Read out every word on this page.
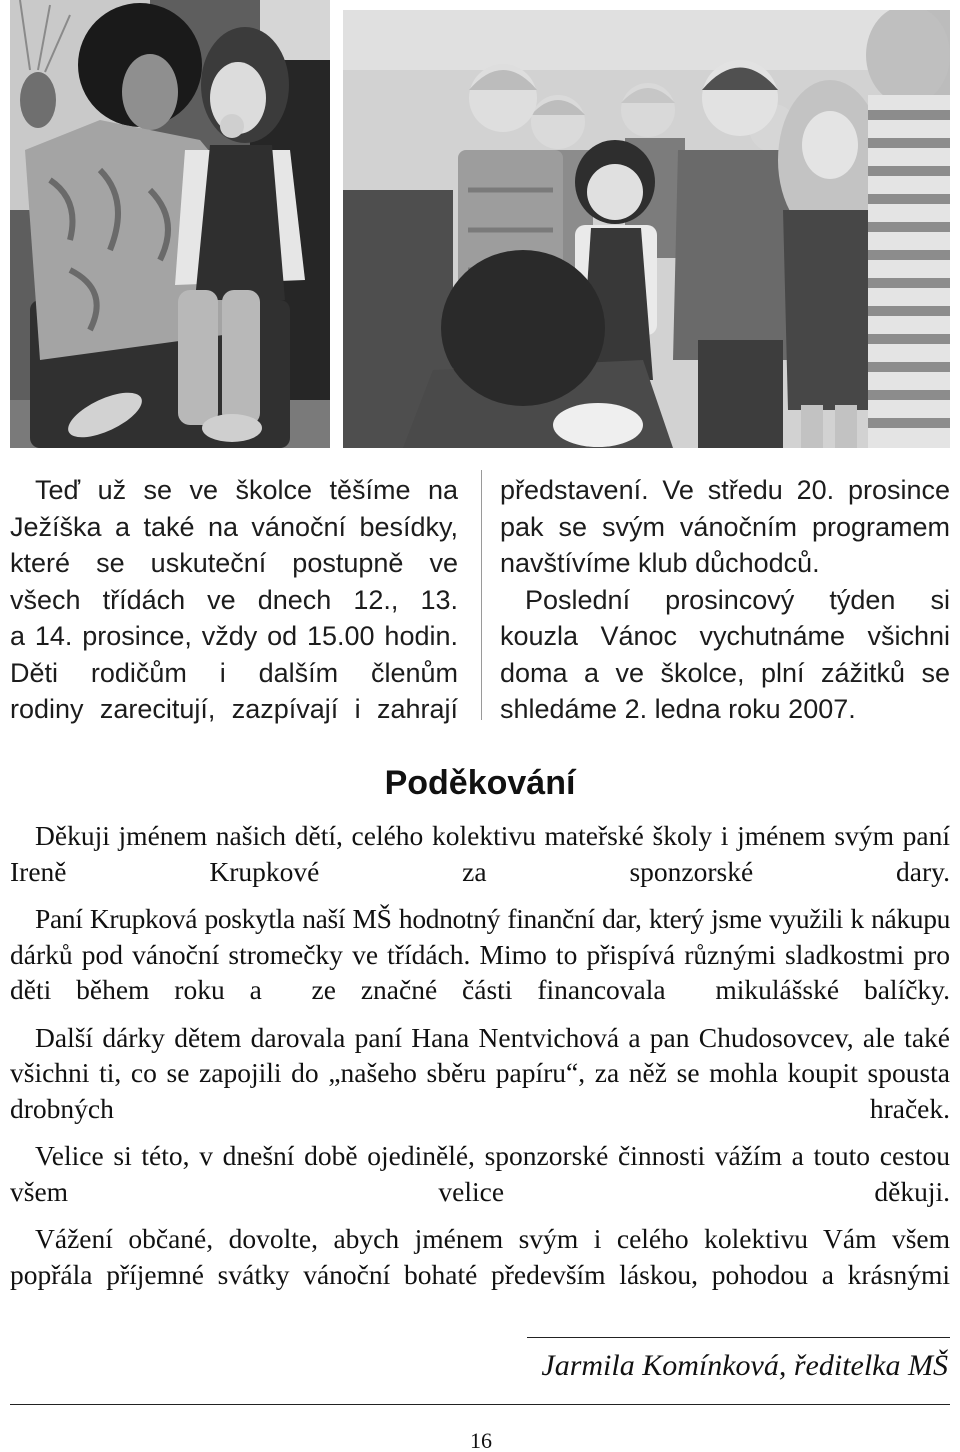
Teď už se ve školce těšíme na
Ježíška a také na vánoční besídky,
které se uskuteční postupně ve
všech třídách ve dnech 12., 13.
a 14. prosince, vždy od 15.00 hodin.
Děti rodičům i dalším členům
rodiny zarecitují, zazpívají i zahrají
představení. Ve středu 20. prosince
pak se svým vánočním programem
navštívíme klub důchodců.
Poslední prosincový týden si
kouzla Vánoc vychutnáme všichni
doma a ve školce, plní zážitků se
shledáme 2. ledna roku 2007.
Poděkování
Děkuji jménem našich dětí, celého kolektivu mateřské školy i jménem svým paní
Ireně Krupkové za sponzorské dary.
Paní Krupková poskytla naší MŠ hodnotný finanční dar, který jsme využili k nákupu
dárků pod vánoční stromečky ve třídách. Mimo to přispívá různými sladkostmi pro
děti během roku a  ze značné části financovala  mikulášské balíčky.
Další dárky dětem darovala paní Hana Nentvichová a pan Chudosovcev, ale také
všichni ti, co se zapojili do „našeho sběru papíru“, za něž se mohla koupit spousta
drobných hraček.
Velice si této, v dnešní době ojedinělé, sponzorské činnosti vážím a touto cestou
všem velice děkuji.
Vážení občané, dovolte, abych jménem svým i celého kolektivu Vám všem
popřála příjemné svátky vánoční bohaté především láskou, pohodou a krásnými
Jarmila Komínková, ředitelka MŠ
16
